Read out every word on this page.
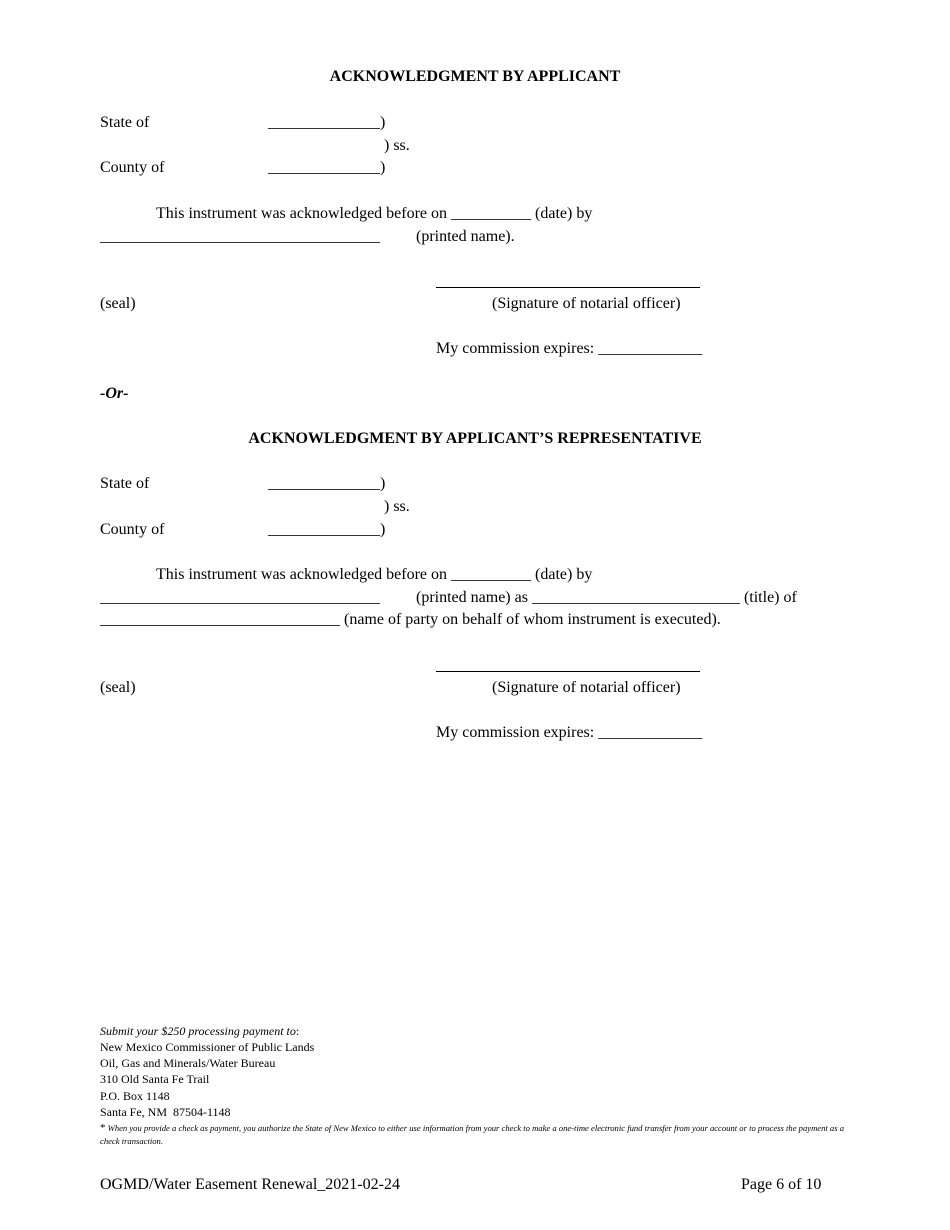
ACKNOWLEDGMENT BY APPLICANT
State of	______________)
) ss.
County of	______________)
This instrument was acknowledged before on __________ (date) by
___________________________________ (printed name).
(seal)	(Signature of notarial officer)
My commission expires: _____________
-Or-
ACKNOWLEDGMENT BY APPLICANT’S REPRESENTATIVE
State of	______________)
) ss.
County of	______________)
This instrument was acknowledged before on __________ (date) by
___________________________________ (printed name) as __________________________ (title) of
______________________________ (name of party on behalf of whom instrument is executed).
(seal)	(Signature of notarial officer)
My commission expires: _____________
Submit your $250 processing payment to:
New Mexico Commissioner of Public Lands
Oil, Gas and Minerals/Water Bureau
310 Old Santa Fe Trail
P.O. Box 1148
Santa Fe, NM  87504-1148
* When you provide a check as payment, you authorize the State of New Mexico to either use information from your check to make a one-time electronic fund transfer from your account or to process the payment as a check transaction.
OGMD/Water Easement Renewal_2021-02-24	Page 6 of 10
